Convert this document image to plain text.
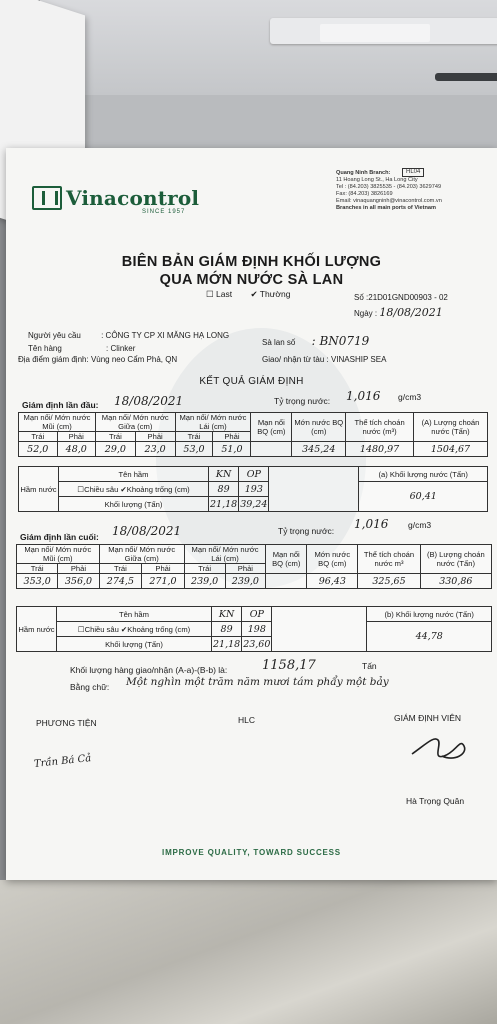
Vinacontrol
SINCE 1957
Quang Ninh Branch:	HL04
11 Hoang Long St., Ha Long City
Tel : (84.203) 3825535 - (84.203) 3629749
Fax: (84.203) 3826169
Email: vinaquangninh@vinacontrol.com.vn
Branches in all main ports of Vietnam
BIÊN BẢN GIÁM ĐỊNH KHỐI LƯỢNG
QUA MỚN NƯỚC SÀ LAN
☐ Last ✔ Thường	Số :21D01GND00903 - 02
Ngày : 18/08/2021
Người yêu cầu	: CÔNG TY CP XI MĂNG HẠ LONG
Tên hàng	: Clinker
Địa điểm giám định: Vùng neo Cẩm Phả, QN
Sà lan số : BN0719
Giao/ nhận từ tàu : VINASHIP SEA
KẾT QUẢ GIÁM ĐỊNH
Giám định lần đầu: 18/08/2021	Tỷ trọng nước: 1,016 g/cm3
Mạn nổi/ Mớn nước Mũi (cm)		Mạn nổi/ Mớn nước Giữa (cm)		Mạn nổi/ Mớn nước Lái (cm)		Mạn nổi BQ (cm)	Mớn nước BQ (cm)	Thể tích choán nước (m³)	(A) Lượng choán nước (Tấn)
Trái	Phải	Trái	Phải	Trái	Phải				
52,0	48,0	29,0	23,0	53,0	51,0		345,24	1480,97	1504,67
Hầm nước	Tên hầm	KN	OP		(a) Khối lượng nước (Tấn)
	☐Chiều sâu ✔Khoảng trống (cm)	89	193		60,41
	Khối lượng (Tấn)	21,18	39,24		
Giám định lần cuối: 18/08/2021	Tỷ trọng nước: 1,016 g/cm3
Mạn nổi/ Mớn nước Mũi (cm)		Mạn nổi/ Mớn nước Giữa (cm)		Mạn nổi/ Mớn nước Lái (cm)		Mạn nổi BQ (cm)	Mớn nước BQ (cm)	Thể tích choán nước m³	(B) Lượng choán nước (Tấn)
Trái	Phải	Trái	Phải	Trái	Phải				
353,0	356,0	274,5	271,0	239,0	239,0		96,43	325,65	330,86
Hầm nước	Tên hầm	KN	OP		(b) Khối lượng nước (Tấn)
	☐Chiều sâu ✔Khoảng trống (cm)	89	198		44,78
	Khối lượng (Tấn)	21,18	23,60		
Khối lượng hàng giao/nhận (A-a)-(B-b) là:	1158,17	Tấn
Bằng chữ: Một nghìn một trăm năm mươi tám phẩy một bảy
PHƯƠNG TIỆN	HLC	GIÁM ĐỊNH VIÊN
Trần Bá Cả
Hà Trọng Quân
IMPROVE QUALITY, TOWARD SUCCESS
